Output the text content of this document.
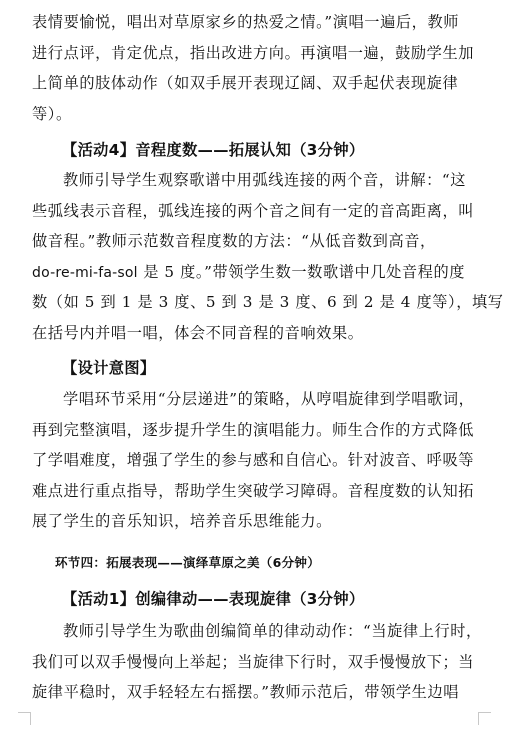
表情要愉悦，唱出对草原家乡的热爱之情。”演唱一遍后，教师
进行点评，肯定优点，指出改进方向。再演唱一遍，鼓励学生加
上简单的肢体动作（如双手展开表现辽阔、双手起伏表现旋律
等）。
【活动4】音程度数——拓展认知（3分钟）
教师引导学生观察歌谱中用弧线连接的两个音，讲解：“这
些弧线表示音程，弧线连接的两个音之间有一定的音高距离，叫
做音程。”教师示范数音程度数的方法：“从低音数到高音，
do-re-mi-fa-sol 是 5 度。”带领学生数一数歌谱中几处音程的度
数（如 5 到 1 是 3 度、5 到 3 是 3 度、6 到 2 是 4 度等），填写
在括号内并唱一唱，体会不同音程的音响效果。
【设计意图】
学唱环节采用“分层递进”的策略，从哼唱旋律到学唱歌词，
再到完整演唱，逐步提升学生的演唱能力。师生合作的方式降低
了学唱难度，增强了学生的参与感和自信心。针对波音、呼吸等
难点进行重点指导，帮助学生突破学习障碍。音程度数的认知拓
展了学生的音乐知识，培养音乐思维能力。
环节四：拓展表现——演绎草原之美（6分钟）
【活动1】创编律动——表现旋律（3分钟）
教师引导学生为歌曲创编简单的律动动作：“当旋律上行时，
我们可以双手慢慢向上举起；当旋律下行时，双手慢慢放下；当
旋律平稳时，双手轻轻左右摇摆。”教师示范后，带领学生边唱
